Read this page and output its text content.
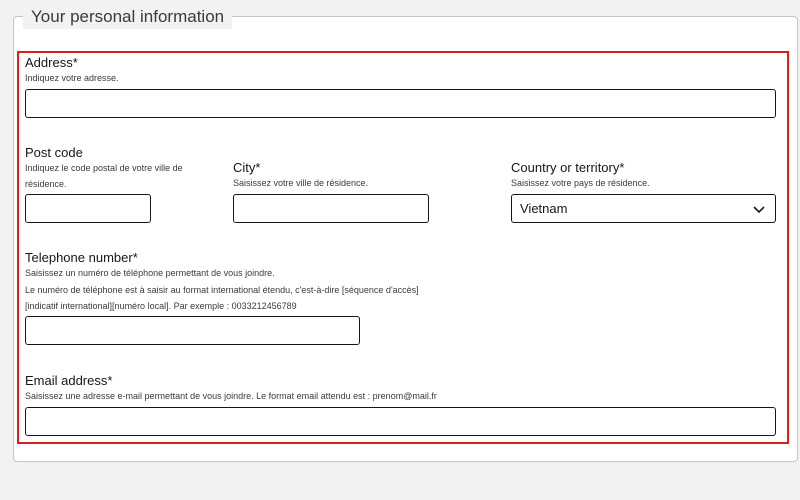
Your personal information
Address*
Indiquez votre adresse.
Post code
Indiquez le code postal de votre ville de résidence.
City*
Saisissez votre ville de résidence.
Country or territory*
Saisissez votre pays de résidence.
Vietnam
Telephone number*
Saisissez un numéro de téléphone permettant de vous joindre.
Le numéro de téléphone est à saisir au format international étendu, c'est-à-dire [séquence d'accès][indicatif international][numéro local]. Par exemple : 0033212456789
Email address*
Saisissez une adresse e-mail permettant de vous joindre. Le format email attendu est : prenom@mail.fr
